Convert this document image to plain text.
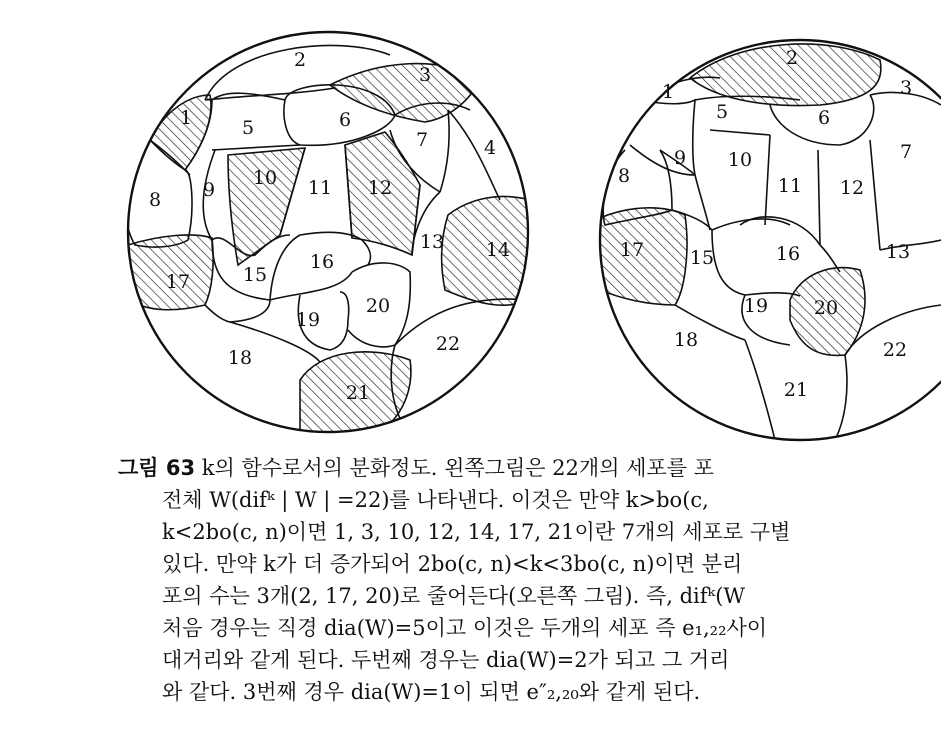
1
2
3
5	6
7	4
8 9
10 11 12
13 14
15
16
17
18
19
20
21
22
1
2
3
5	6
7
8
9 10
11 12
13
15	16
17
18
19 20
21
22
그림 63 k의 함수로서의 분화정도. 왼쪽그림은 22개의 세포를 포
전체 W(difᵏ | W | =22)를 나타낸다. 이것은 만약 k>bo(c,
k<2bo(c, n)이면 1, 3, 10, 12, 14, 17, 21이란 7개의 세포로 구별
있다. 만약 k가 더 증가되어 2bo(c, n)<k<3bo(c, n)이면 분리
포의 수는 3개(2, 17, 20)로 줄어든다(오른쪽 그림). 즉, difᵏ(W
처음 경우는 직경 dia(W)=5이고 이것은 두개의 세포 즉 e₁,₂₂사이
대거리와 같게 된다. 두번째 경우는 dia(W)=2가 되고 그 거리
와 같다. 3번째 경우 dia(W)=1이 되면 e″₂,₂₀와 같게 된다.
